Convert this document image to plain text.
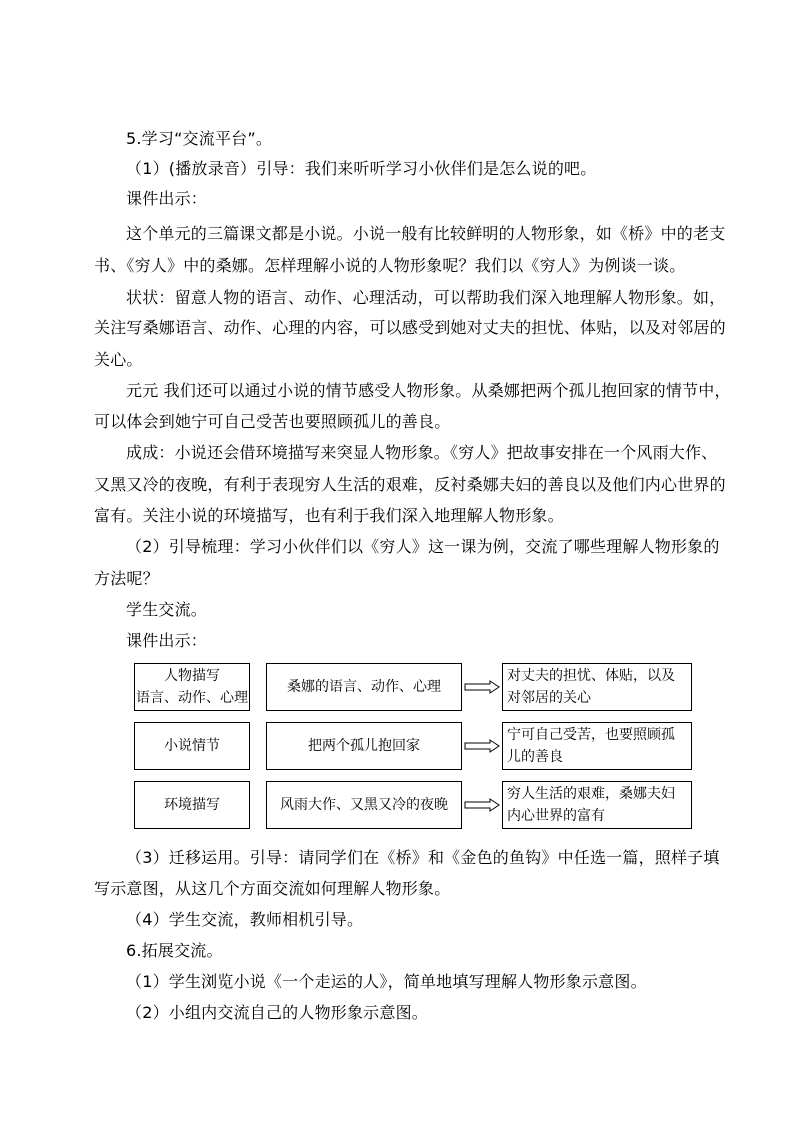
5.学习“交流平台”。
（1）(播放录音）引导：我们来听听学习小伙伴们是怎么说的吧。
课件出示：
这个单元的三篇课文都是小说。小说一般有比较鲜明的人物形象，如《桥》中的老支
书、《穷人》中的桑娜。怎样理解小说的人物形象呢？我们以《穷人》为例谈一谈。
状状：留意人物的语言、动作、心理活动，可以帮助我们深入地理解人物形象。如，
关注写桑娜语言、动作、心理的内容，可以感受到她对丈夫的担忧、体贴，以及对邻居的
关心。
元元 我们还可以通过小说的情节感受人物形象。从桑娜把两个孤儿抱回家的情节中，
可以体会到她宁可自己受苦也要照顾孤儿的善良。
成成：小说还会借环境描写来突显人物形象。《穷人》把故事安排在一个风雨大作、
又黑又冷的夜晚，有利于表现穷人生活的艰难，反衬桑娜夫妇的善良以及他们内心世界的
富有。关注小说的环境描写，也有利于我们深入地理解人物形象。
（2）引导梳理：学习小伙伴们以《穷人》这一课为例，交流了哪些理解人物形象的
方法呢？
学生交流。
课件出示：
人物描写
语言、动作、心理
桑娜的语言、动作、心理
对丈夫的担忧、体贴，以及
对邻居的关心
小说情节	把两个孤儿抱回家
宁可自己受苦，也要照顾孤
儿的善良
环境描写	风雨大作、又黑又冷的夜晚
穷人生活的艰难，桑娜夫妇
内心世界的富有
（3）迁移运用。引导：请同学们在《桥》和《金色的鱼钩》中任选一篇，照样子填
写示意图，从这几个方面交流如何理解人物形象。
（4）学生交流，教师相机引导。
6.拓展交流。
（1）学生浏览小说《一个走运的人》，简单地填写理解人物形象示意图。
（2）小组内交流自己的人物形象示意图。
